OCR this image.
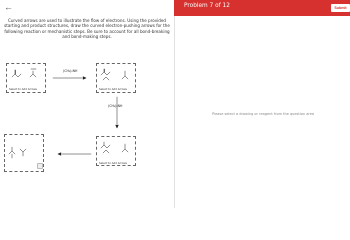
←	Problem 7 of 12	Submit
Curved arrows are used to illustrate the flow of electrons. Using the provided starting and product structures, draw the curved electron-pushing arrows for the following reaction or mechanistic steps. Be sure to account for all bond-breaking and bond-making steps.
Select to Add Arrows
(CH₃)₂NH
Select to Add Arrows
(CH₃)₂NH
Select to Add Arrows
Please select a drawing or reagent from the question area
